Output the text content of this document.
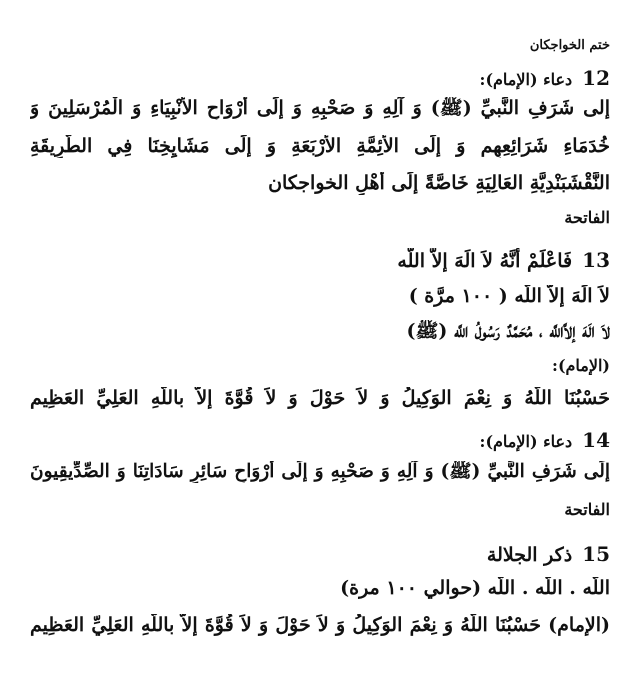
ختم الخواجكان
12دعاء (الإمام):
إلى شَرَفِ النَّبيِّ (ﷺ) وَ آلِهِ وَ صَحْبِهِ وَ إلَى أرْوَاحِ الأَنْبِيَاءِ وَ الْمُرْسَلِينَ وَ
خُدَمَاءِ شَرَائِعِهِم وَ إلَى الأَئِمَّةِ الأَرْبَعَةِ وَ إلَى مَشَايِخِنَا فِي الطَّرِيقَةِ
النَّقْشَبَنْدِيَّةِ العَالِيَةِ خَاصَّةً إلَى أهْلِ الخواجكان
الفاتحة
13فَاعْلَمْ أَنَّهُ لاَ الَهَ إلاَّ اللَّه
لاَ الَهَ إلاَّ اللَّه ( ١٠٠ مرَّة )
لاَ الَهَ إلاَّاللَّه ، مُحَمَّدٌ رَسُولُ اللَّه (ﷺ)
(الإمام):
حَسْبُنَا اللَّهُ وَ نِعْمَ الوَكِيلُ وَ لاَ حَوْلَ وَ لاَ قُوَّةَ إلاَّ باللَّهِ العَلِيِّ العَظِيم
14دعاء (الإمام):
إلَى شَرَفِ النَّبيِّ (ﷺ) وَ آلِهِ وَ صَحْبِهِ وَ إلَى أرْوَاحِ سَائِرِ سَادَاتِنَا وَ الصِّدِّيقِيونَ
الفاتحة
15ذكر الجلالة
اللَّه . اللَّه . اللَّه (حوالي ١٠٠ مرة)
(الإمام) حَسْبُنَا اللَّهُ وَ نِعْمَ الوَكِيلُ وَ لاَ حَوْلَ وَ لاَ قُوَّةَ إلاَّ باللَّهِ العَلِيِّ العَظِيم
